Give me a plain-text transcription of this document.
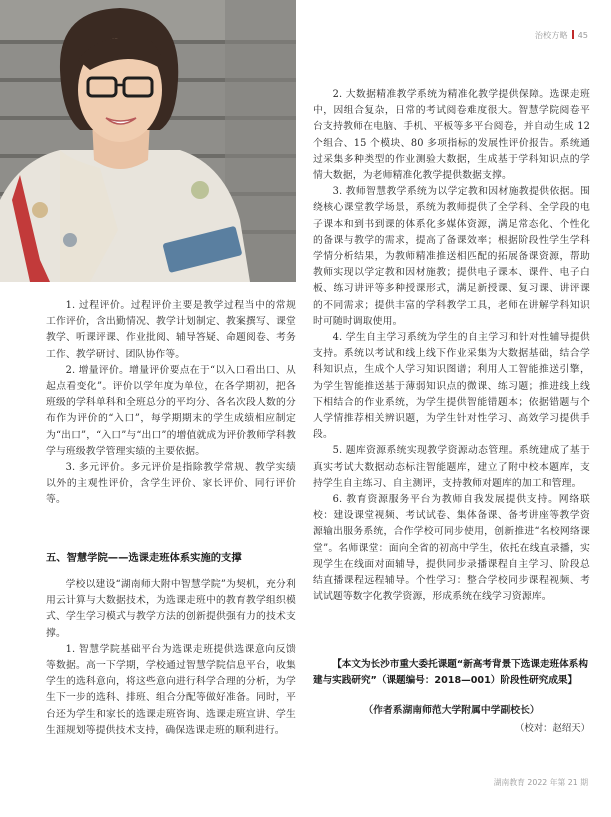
治校方略 45

1. 过程评价。过程评价主要是教学过程当中的常规工作评价，含出勤情况、教学计划制定、教案撰写、课堂教学、听课评课、作业批阅、辅导答疑、命题阅卷、考务工作、教学研讨、团队协作等。

2. 增量评价。增量评价要点在于“以入口看出口、从起点看变化”。评价以学年度为单位，在各学期初，把各班级的学科单科和全班总分的平均分、各名次段人数的分布作为评价的“入口”，每学期期末的学生成绩相应制定为“出口”，“入口”与“出口”的增值就成为评价教师学科教学与班级教学管理实绩的主要依据。

3. 多元评价。多元评价是指除教学常规、教学实绩以外的主观性评价，含学生评价、家长评价、同行评价等。

五、智慧学院——选课走班体系实施的支撑

学校以建设“湖南师大附中智慧学院”为契机，充分利用云计算与大数据技术，为选课走班中的教育教学组织模式、学生学习模式与教学方法的创新提供强有力的技术支撑。

1. 智慧学院基础平台为选课走班提供选课意向反馈等数据。高一下学期，学校通过智慧学院信息平台，收集学生的选科意向，将这些意向进行科学合理的分析，为学生下一步的选科、排班、组合分配等做好准备。同时，平台还为学生和家长的选课走班咨询、选课走班宣讲、学生生涯规划等提供技术支持，确保选课走班的顺利进行。

2. 大数据精准教学系统为精准化教学提供保障。选课走班中，因组合复杂，日常的考试阅卷难度很大。智慧学院阅卷平台支持教师在电脑、手机、平板等多平台阅卷，并自动生成 12 个组合、15 个模块、80 多项指标的发展性评价报告。系统通过采集多种类型的作业测验大数据，生成基于学科知识点的学情大数据，为老师精准化教学提供数据支撑。

3. 教师智慧教学系统为以学定教和因材施教提供依据。围绕核心课堂教学场景，系统为教师提供了全学科、全学段的电子课本和到书到课的体系化多媒体资源，满足常态化、个性化的备课与教学的需求，提高了备课效率；根据阶段性学生学科学情分析结果，为教师精准推送相匹配的拓展备课资源，帮助教师实现以学定教和因材施教；提供电子课本、课件、电子白板、练习讲评等多种授课形式，满足新授课、复习课、讲评课的不同需求；提供丰富的学科教学工具，老师在讲解学科知识时可随时调取使用。

4. 学生自主学习系统为学生的自主学习和针对性辅导提供支持。系统以考试和线上线下作业采集为大数据基础，结合学科知识点，生成个人学习知识图谱；利用人工智能推送引擎，为学生智能推送基于薄弱知识点的微课、练习题；推进线上线下相结合的作业系统，为学生提供智能错题本；依据错题与个人学情推荐相关辨识题，为学生针对性学习、高效学习提供手段。

5. 题库资源系统实现教学资源动态管理。系统建成了基于真实考试大数据动态标注智能题库，建立了附中校本题库，支持学生自主练习、自主测评，支持教师对题库的加工和管理。

6. 教育资源服务平台为教师自我发展提供支持。网络联校：建设课堂视频、考试试卷、集体备课、备考讲座等教学资源输出服务系统，合作学校可同步使用，创新推进“名校网络课堂”。名师课堂：面向全省的初高中学生，依托在线直录播，实现学生在线面对面辅导，提供同步录播课程自主学习、阶段总结直播课程远程辅导。个性学习：整合学校同步课程视频、考试试题等数字化教学资源，形成系统在线学习资源库。

【本文为长沙市重大委托课题“新高考背景下选课走班体系构建与实践研究”（课题编号：2018—001）阶段性研究成果】
（作者系湖南师范大学附属中学副校长）
（校对：赵绍天）
湖南教育 2022 年第 21 期
